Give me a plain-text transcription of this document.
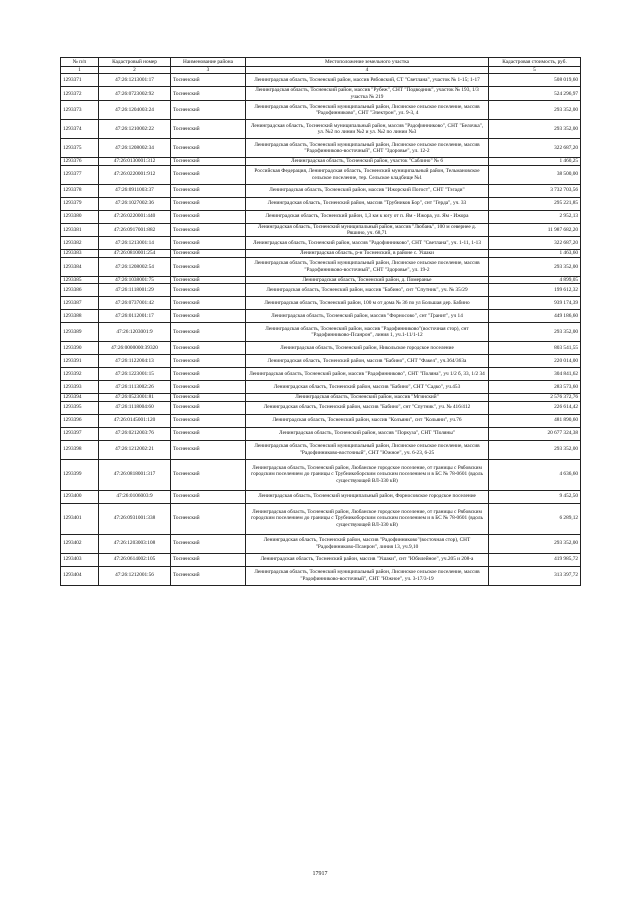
№ п/п	Кадастровый номер	Наименование района	Местоположение земельного участка	Кадастровая стоимость, руб.
1	2	3	4	5
1293371	47:26:1213001:17	Тосненский	Ленинградская область, Тосненский район, массив Рябовский, СТ "Светлана", участок № 1-15; 1-17	508 019,60
1293372	47:26:0723002:92	Тосненский	Ленинградская область, Тосненский район, массив "Рубеж", СНТ "Подводник", участок № 193, 1/3 участка № 219	524 296,97
1293373	47:26:1204003:24	Тосненский	Ленинградская область, Тосненский муниципальный район, Лисинское сельское поселение, массив "Радофинниково", СНТ "Электрон", ул. 9-3, 4	293 352,00
1293374	47:26:1210002:22	Тосненский	Ленинградская область, Тосненский муниципальный район, массив "Радофинниково", СНТ "Белочка", ул. №2 по линии №2 и ул. №2 по линии №3	293 352,00
1293375	47:26:1208002:34	Тосненский	Ленинградская область, Тосненский муниципальный район, Лисинское сельское поселение, массив "Радофинниково-восточный", СНТ "Здоровье", ул. 12-2	322 687,20
1293376	47:26:0130001:312	Тосненский	Ленинградская область, Тосненский район, участок "Саблино" № 6	1 460,25
1293377	47:26:0220001:912	Тосненский	Российская Федерация, Ленинградская область, Тосненский муниципальный район, Тельмановское сельское поселение, тер. Сельское кладбище №1	38 500,00
1293378	47:26:0911003:37	Тосненский	Ленинградская область, Тосненский район, массив "Ижорский Погост", СНТ "Тэгади"	3 732 703,56
1293379	47:26:1027002:36	Тосненский	Ленинградская область, Тосненский район, массив "Трубников Бор", снт "Герда", уч. 33	295 221,85
1293380	47:26:0220001:440	Тосненский	Ленинградская область, Тосненский район, 1,3 км к югу от п. Ям - Ижора, ул. Ям - Ижора	2 952,13
1293381	47:26:0917001:882	Тосненский	Ленинградская область, Тосненский муниципальный район, массив "Любань", 100 м севернее д. Ряшино, уч. 68,71	11 987 682,20
1293382	47:26:1213001:14	Тосненский	Ленинградская область, Тосненский район, массив "Радофинниково", СНТ "Светлана", уч. 1-11, 1-13	322 687,20
1293383	47:26:0810001:254	Тосненский	Ленинградская область, р-н Тосненский, в районе с. Ушаки	1 463,60
1293384	47:26:1208002:54	Тосненский	Ленинградская область, Тосненский муниципальный район, Лисинское сельское поселение, массив "Радофинниково-восточный", СНТ "Здоровье", ул. 19-2	293 352,00
1293385	47:26:1038001:75	Тосненский	Ленинградская область, Тосненский район, д. Померанье	4 899,05
1293386	47:26:1118001:29	Тосненский	Ленинградская область, Тосненский район, массив "Бабино", снт "Спутник", уч. № 35/29	199 612,32
1293387	47:26:0737001:42	Тосненский	Ленинградская область, Тосненский район, 100 м от дома № 36 по ул Большая дер. Бабино	939 174,39
1293388	47:26:0112001:17	Тосненский	Ленинградская область, Тосненский район, массив "Форносово", снт "Гранит", уч 14	449 186,60
1293389	47:26:1203001:9	Тосненский	Ленинградская область, Тосненский район, массив "Радофинниково"(восточная стор), снт "Радофинниково-Псанрон", линия 1, уч.1-11/1-12	293 352,00
1293390	47:26:0000000:39320	Тосненский	Ленинградская область, Тосненский район, Никольское городское поселение	803 541,55
1293391	47:26:1122004:13	Тосненский	Ленинградская область, Тосненский район, массив "Бабино", СНТ "Факел", уч.364/363а	220 014,00
1293392	47:26:1223001:15	Тосненский	Ленинградская область, Тосненский район, массив "Радофинниково", СНТ "Поляна", уч 1/2 б, 33, 1/2 34	304 841,62
1293393	47:26:1113002:26	Тосненский	Ленинградская область, Тосненский район, массив "Бабино", СНТ "Садко", уч.453	283 573,60
1293394	47:26:0523001:81	Тосненский	Ленинградская область, Тосненский район, массив "Мгинский"	2 576 372,76
1293395	47:26:1118004:60	Тосненский	Ленинградская область, Тосненский район, массив "Бабино", снт "Спутник", уч. № 416/412	226 614,42
1293396	47:26:0145001:120	Тосненский	Ленинградская область, Тосненский район, массив "Колъяни", снт "Кольяни", уч.76	481 890,60
1293397	47:26:0212003:76	Тосненский	Ленинградская область, Тосненский район, массив "Поркуза", СНТ "Поляны"	20 677 324,38
1293398	47:26:1212002:21	Тосненский	Ленинградская область, Тосненский муниципальный район, Лисинское сельское поселение, массив "Радофинниково-восточный", СНТ "Южное", уч. 6-23, 6-25	293 352,00
1293399	47:26:0818001:317	Тосненский	Ленинградская область, Тосненский район, Любанское городское поселение, от границы с Рябовским городским поселением до границы с Трубникоборским сельским поселением и в БС № 78-0601 (вдоль существующей ВЛ-330 кВ)	4 636,60
1293400	47:26:0106003:9	Тосненский	Ленинградская область, Тосненский муниципальный район, Форносовское городское поселение	9 452,50
1293401	47:26:0931001:338	Тосненский	Ленинградская область, Тосненский район, Любанское городское поселение, от границы с Рябовским городским поселением до границы с Трубникоборским сельским поселением и в БС № 78-0601 (вдоль существующей ВЛ-330 кВ)	6 289,12
1293402	47:26:1203003:108	Тосненский	Ленинградская область, Тосненский район, массив "Радофинниково"(восточная стор), СНТ "Радофинниково-Псанрон", линия 13, уч.9,10	293 352,00
1293403	47:26:0614002:105	Тосненский	Ленинградская область, Тосненский район, массив "Ушаки", снт "Юбилейное", уч.205 и 208-а	419 985,72
1293404	47:26:1212001:56	Тосненский	Ленинградская область, Тосненский муниципальный район, Лисинское сельское поселение, массив "Радофинниково-восточный", СНТ "Южное", уч. 3-17/3-19	313 397,72
17917
